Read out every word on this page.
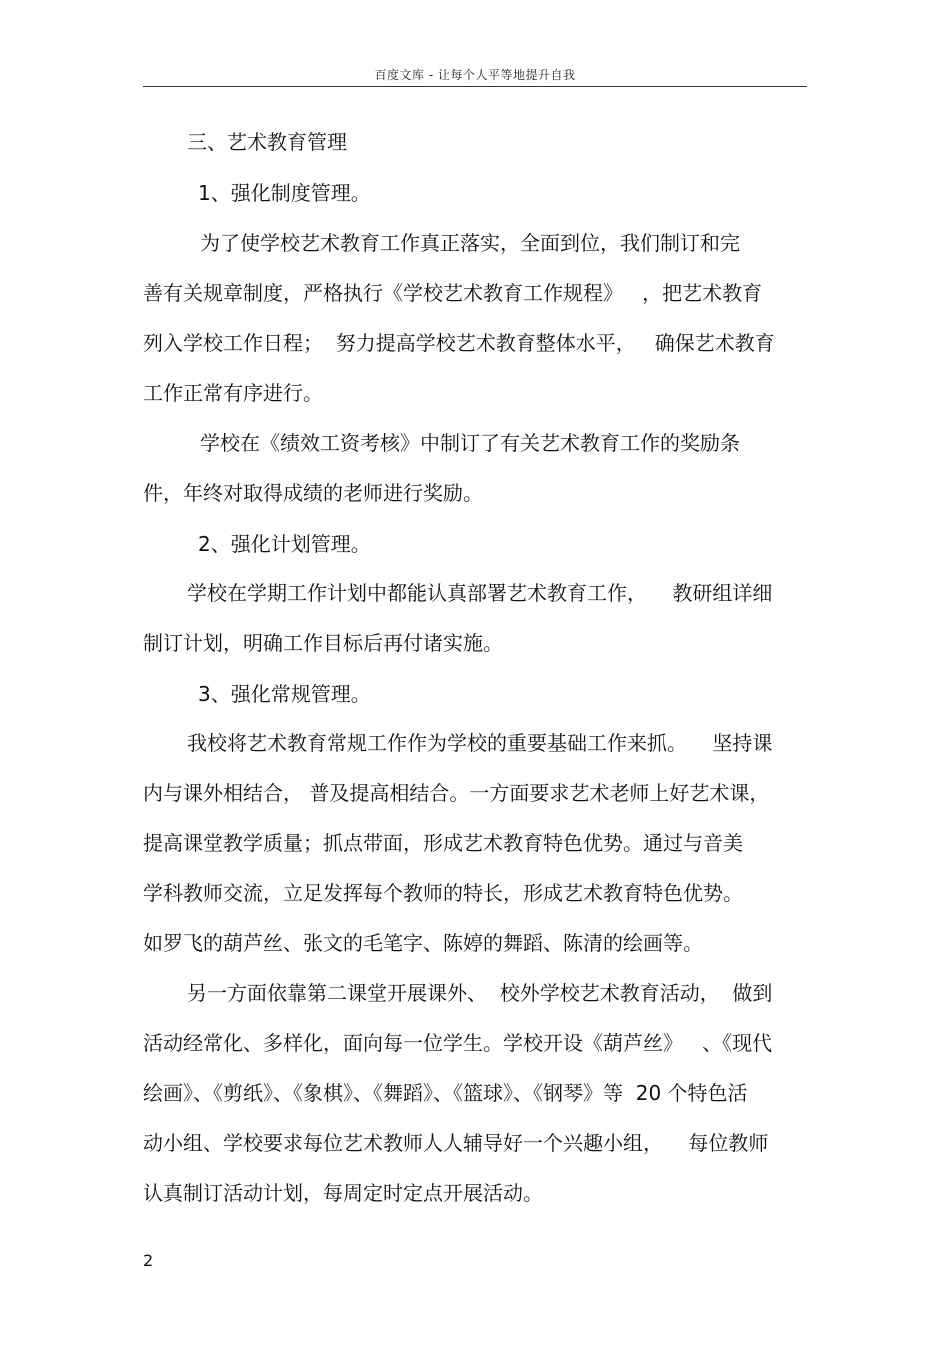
百度文库 - 让每个人平等地提升自我
三、艺术教育管理
1、强化制度管理。
为了使学校艺术教育工作真正落实，全面到位，我们制订和完
善有关规章制度，严格执行《学校艺术教育工作规程》   ，把艺术教育
列入学校工作日程；  努力提高学校艺术教育整体水平，   确保艺术教育
工作正常有序进行。
学校在《绩效工资考核》中制订了有关艺术教育工作的奖励条
件，年终对取得成绩的老师进行奖励。
2、强化计划管理。
学校在学期工作计划中都能认真部署艺术教育工作，    教研组详细
制订计划，明确工作目标后再付诸实施。
3、强化常规管理。
我校将艺术教育常规工作作为学校的重要基础工作来抓。    坚持课
内与课外相结合， 普及提高相结合。一方面要求艺术老师上好艺术课，
提高课堂教学质量；抓点带面，形成艺术教育特色优势。通过与音美
学科教师交流，立足发挥每个教师的特长，形成艺术教育特色优势。
如罗飞的葫芦丝、张文的毛笔字、陈婷的舞蹈、陈清的绘画等。
另一方面依靠第二课堂开展课外、  校外学校艺术教育活动，  做到
活动经常化、多样化，面向每一位学生。学校开设《葫芦丝》   、《现代
绘画》、《剪纸》、《象棋》、《舞蹈》、《篮球》、《钢琴》等  20 个特色活
动小组、学校要求每位艺术教师人人辅导好一个兴趣小组，    每位教师
认真制订活动计划，每周定时定点开展活动。
2
